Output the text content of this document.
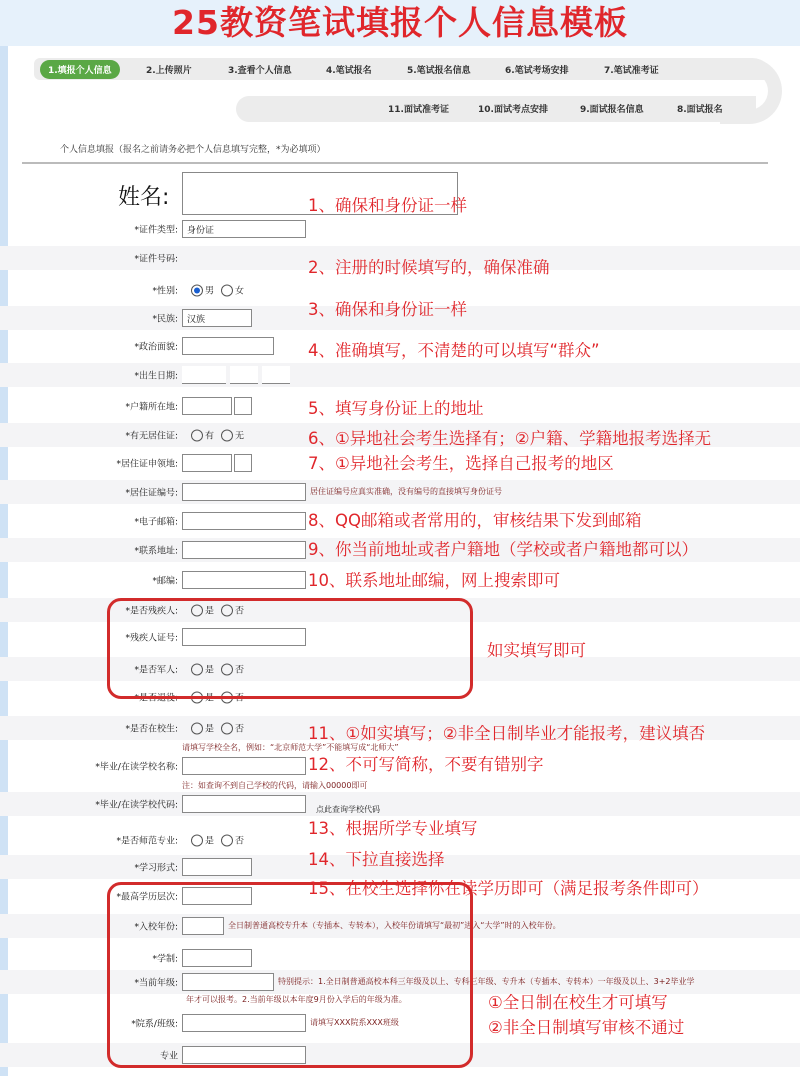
25教资笔试填报个人信息模板
1.填报个人信息	2.上传照片	3.查看个人信息	4.笔试报名	5.笔试报名信息	6.笔试考场安排	7.笔试准考证
8.面试报名
9.面试报名信息
10.面试考点安排
11.面试准考证
个人信息填报（报名之前请务必把个人信息填写完整，*为必填项）
姓名:
*证件类型:	身份证
*证件号码:
*性别:	男 女
*民族:	汉族
*政治面貌:
*出生日期:
*户籍所在地:
*有无居住证:	有 无
*居住证申领地:
*居住证编号:	居住证编号应真实准确，没有编号的直接填写身份证号
*电子邮箱:
*联系地址:
*邮编:
*是否残疾人:	是 否
*残疾人证号:
*是否军人:	是 否
*是否退役:	是 否
*是否在校生:	是 否
*毕业/在读学校名称:
请填写学校全名，例如：“北京师范大学”不能填写成“北师大”
*毕业/在读学校代码:
注：如查询不到自己学校的代码，请输入00000即可
点此查询学校代码
*是否师范专业:	是 否
*学习形式:
*最高学历层次:
*入校年份:	全日制普通高校专升本（专插本、专转本），入校年份请填写“最初”进入“大学”时的入校年份。
*学制:
*当前年级:	特别提示：1.全日制普通高校本科三年级及以上、专科三年级、专升本（专插本、专转本）一年级及以上、3+2毕业学
年才可以报考。2.当前年级以本年度9月份入学后的年级为准。
*院系/班级:	请填写XXX院系XXX班级
专业
1、确保和身份证一样
2、注册的时候填写的，确保准确
3、确保和身份证一样
4、准确填写，不清楚的可以填写“群众”
5、填写身份证上的地址
6、①异地社会考生选择有；②户籍、学籍地报考选择无
7、①异地社会考生，选择自己报考的地区
8、QQ邮箱或者常用的，审核结果下发到邮箱
9、你当前地址或者户籍地（学校或者户籍地都可以）
10、联系地址邮编，网上搜索即可
如实填写即可
11、①如实填写；②非全日制毕业才能报考，建议填否
12、不可写简称，不要有错别字
13、根据所学专业填写
14、下拉直接选择
15、在校生选择你在读学历即可（满足报考条件即可）
①全日制在校生才可填写
②非全日制填写审核不通过
